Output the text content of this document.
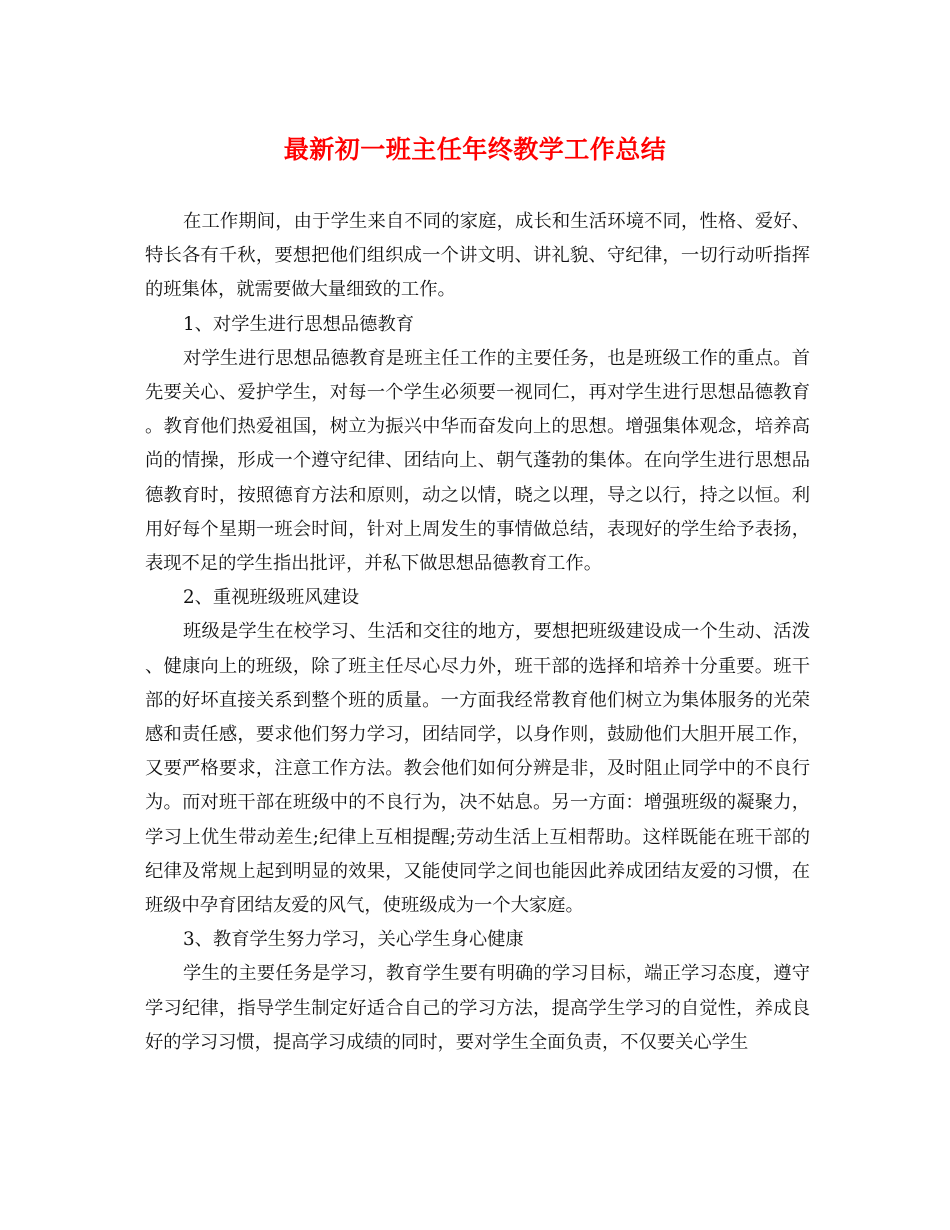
最新初一班主任年终教学工作总结

在工作期间，由于学生来自不同的家庭，成长和生活环境不同，性格、爱好、特长各有千秋，要想把他们组织成一个讲文明、讲礼貌、守纪律，一切行动听指挥的班集体，就需要做大量细致的工作。

1、对学生进行思想品德教育

对学生进行思想品德教育是班主任工作的主要任务，也是班级工作的重点。首先要关心、爱护学生，对每一个学生必须要一视同仁，再对学生进行思想品德教育。教育他们热爱祖国，树立为振兴中华而奋发向上的思想。增强集体观念，培养高尚的情操，形成一个遵守纪律、团结向上、朝气蓬勃的集体。在向学生进行思想品德教育时，按照德育方法和原则，动之以情，晓之以理，导之以行，持之以恒。利用好每个星期一班会时间，针对上周发生的事情做总结，表现好的学生给予表扬，表现不足的学生指出批评，并私下做思想品德教育工作。

2、重视班级班风建设

班级是学生在校学习、生活和交往的地方，要想把班级建设成一个生动、活泼、健康向上的班级，除了班主任尽心尽力外，班干部的选择和培养十分重要。班干部的好坏直接关系到整个班的质量。一方面我经常教育他们树立为集体服务的光荣感和责任感，要求他们努力学习，团结同学，以身作则，鼓励他们大胆开展工作，又要严格要求，注意工作方法。教会他们如何分辨是非，及时阻止同学中的不良行为。而对班干部在班级中的不良行为，决不姑息。另一方面：增强班级的凝聚力，学习上优生带动差生;纪律上互相提醒;劳动生活上互相帮助。这样既能在班干部的纪律及常规上起到明显的效果，又能使同学之间也能因此养成团结友爱的习惯，在班级中孕育团结友爱的风气，使班级成为一个大家庭。

3、教育学生努力学习，关心学生身心健康

学生的主要任务是学习，教育学生要有明确的学习目标，端正学习态度，遵守学习纪律，指导学生制定好适合自己的学习方法，提高学生学习的自觉性，养成良好的学习习惯，提高学习成绩的同时，要对学生全面负责，不仅要关心学生
